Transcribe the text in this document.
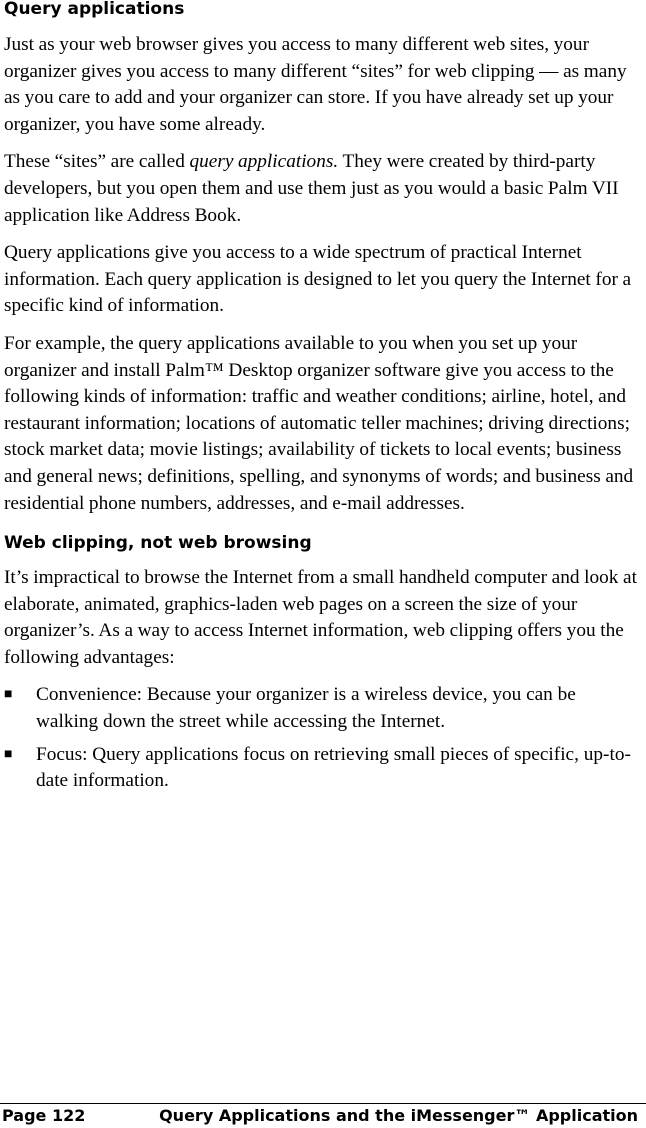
Query applications

Just as your web browser gives you access to many different web sites, your organizer gives you access to many different “sites” for web clipping — as many as you care to add and your organizer can store. If you have already set up your organizer, you have some already.

These “sites” are called query applications. They were created by third-party developers, but you open them and use them just as you would a basic Palm VII application like Address Book.

Query applications give you access to a wide spectrum of practical Internet information. Each query application is designed to let you query the Internet for a specific kind of information.

For example, the query applications available to you when you set up your organizer and install Palm™ Desktop organizer software give you access to the following kinds of information: traffic and weather conditions; airline, hotel, and restaurant information; locations of automatic teller machines; driving directions; stock market data; movie listings; availability of tickets to local events; business and general news; definitions, spelling, and synonyms of words; and business and residential phone numbers, addresses, and e-mail addresses.

Web clipping, not web browsing

It’s impractical to browse the Internet from a small handheld computer and look at elaborate, animated, graphics-laden web pages on a screen the size of your organizer’s. As a way to access Internet information, web clipping offers you the following advantages:

■ Convenience: Because your organizer is a wireless device, you can be walking down the street while accessing the Internet.
■ Focus: Query applications focus on retrieving small pieces of specific, up-to-date information.
Page 122	Query Applications and the iMessenger™ Application
